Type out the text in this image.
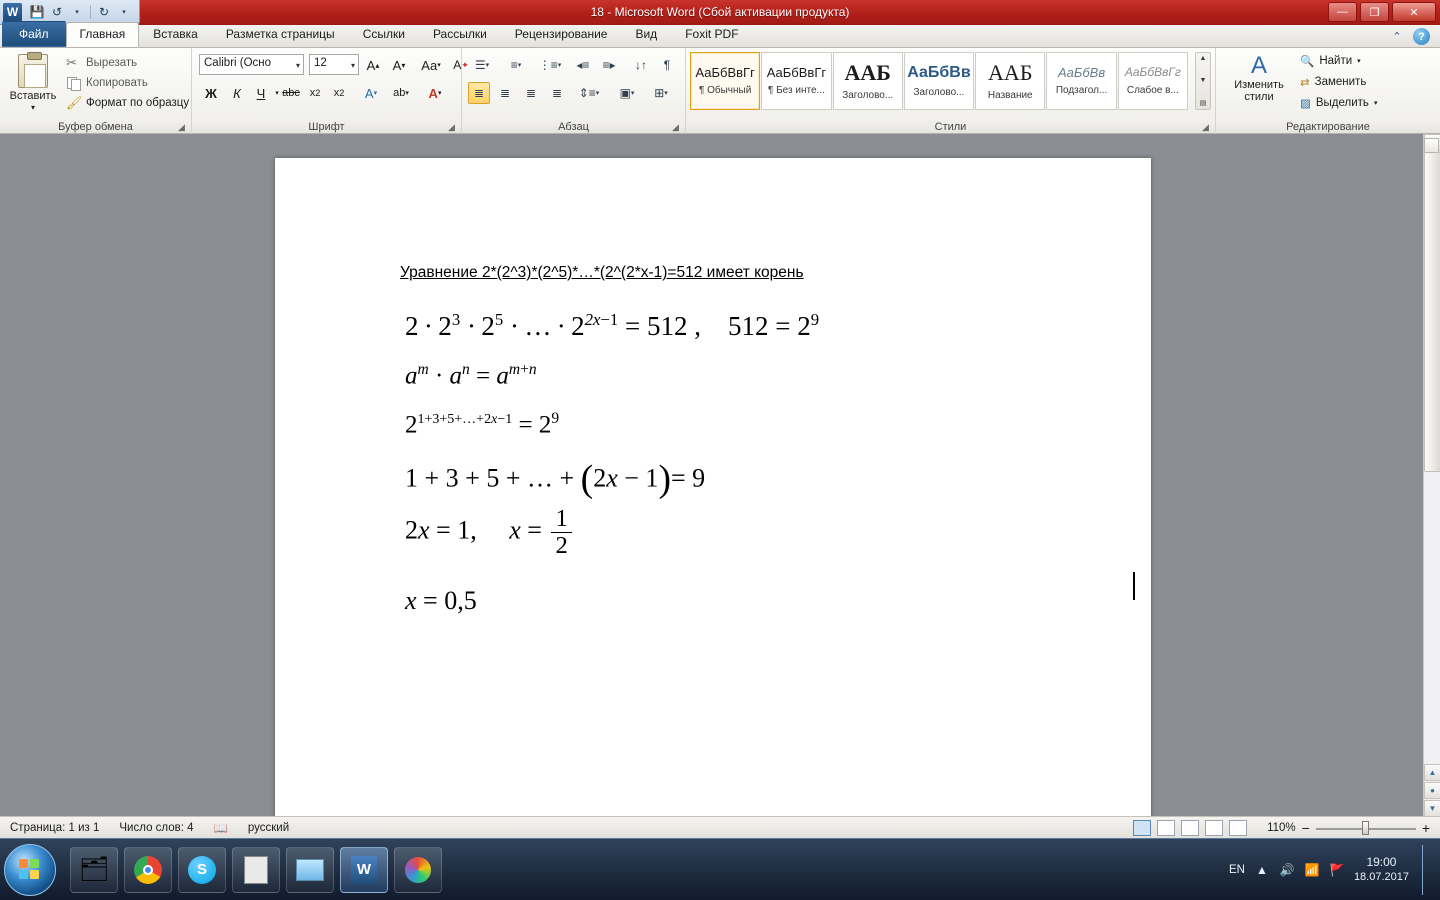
W 💾 ↺	▾	↻	▾	18 - Microsoft Word (Сбой активации продукта)	—	❐	✕
Файл	Главная	Вставка	Разметка страницы	Ссылки	Рассылки	Рецензирование	Вид	Foxit PDF	⌃	?
Вставить
▾
✂ Вырезать
Копировать
🖌 Формат по образцу
Буфер обмена	◢
Calibri (Осно	▾	12	▾ A ▴	A ▾	Aa ▾ A ✦
Ж	К	Ч	▾ abc x 2	x 2	A ▾ ab ▾ A ▾
Шрифт	◢
☰ ▾	≡ ▾ ⋮≡ ▾	◂≡	≡▸	↓↑	¶
≣	≣	≣	≣	⇕≡ ▾	▣ ▾	⊞ ▾
Абзац	◢
АаБбВвГг
¶ Обычный
АаБбВвГг
¶ Без инте...
ААБ
Заголово...
АаБбВв
Заголово...
ААБ
Название
АаБбВв
Подзагол...
АаБбВвГг
Слабое в...
▲
▼
▤
Стили	◢
A
Изменить стили
🔍 Найти ▾
⇄ Заменить
▨ Выделить ▾
Редактирование
Уравнение 2*(2^3)*(2^5)*…*(2^(2*x-1)=512 имеет корень
$2 \cdot 2^3 \cdot 2^5$ · … · $2^{2x-1} = 512$ ,    $512 = 2^9$
$a^m \cdot a^n = a^{m+n}$
$2^{1+3+5+\dots+2x-1} = 2^9$
1 + 3 + 5 + … + (2x − 1)= 9
2x = 1,     $x = \frac{1}{2}$
x = 0,5
▲
●
▼
Страница: 1 из 1	Число слов: 4	📖	русский	110% −	+
🗂	S	W	EN ▲ 🔊 📶 🚩
19:00
18.07.2017
